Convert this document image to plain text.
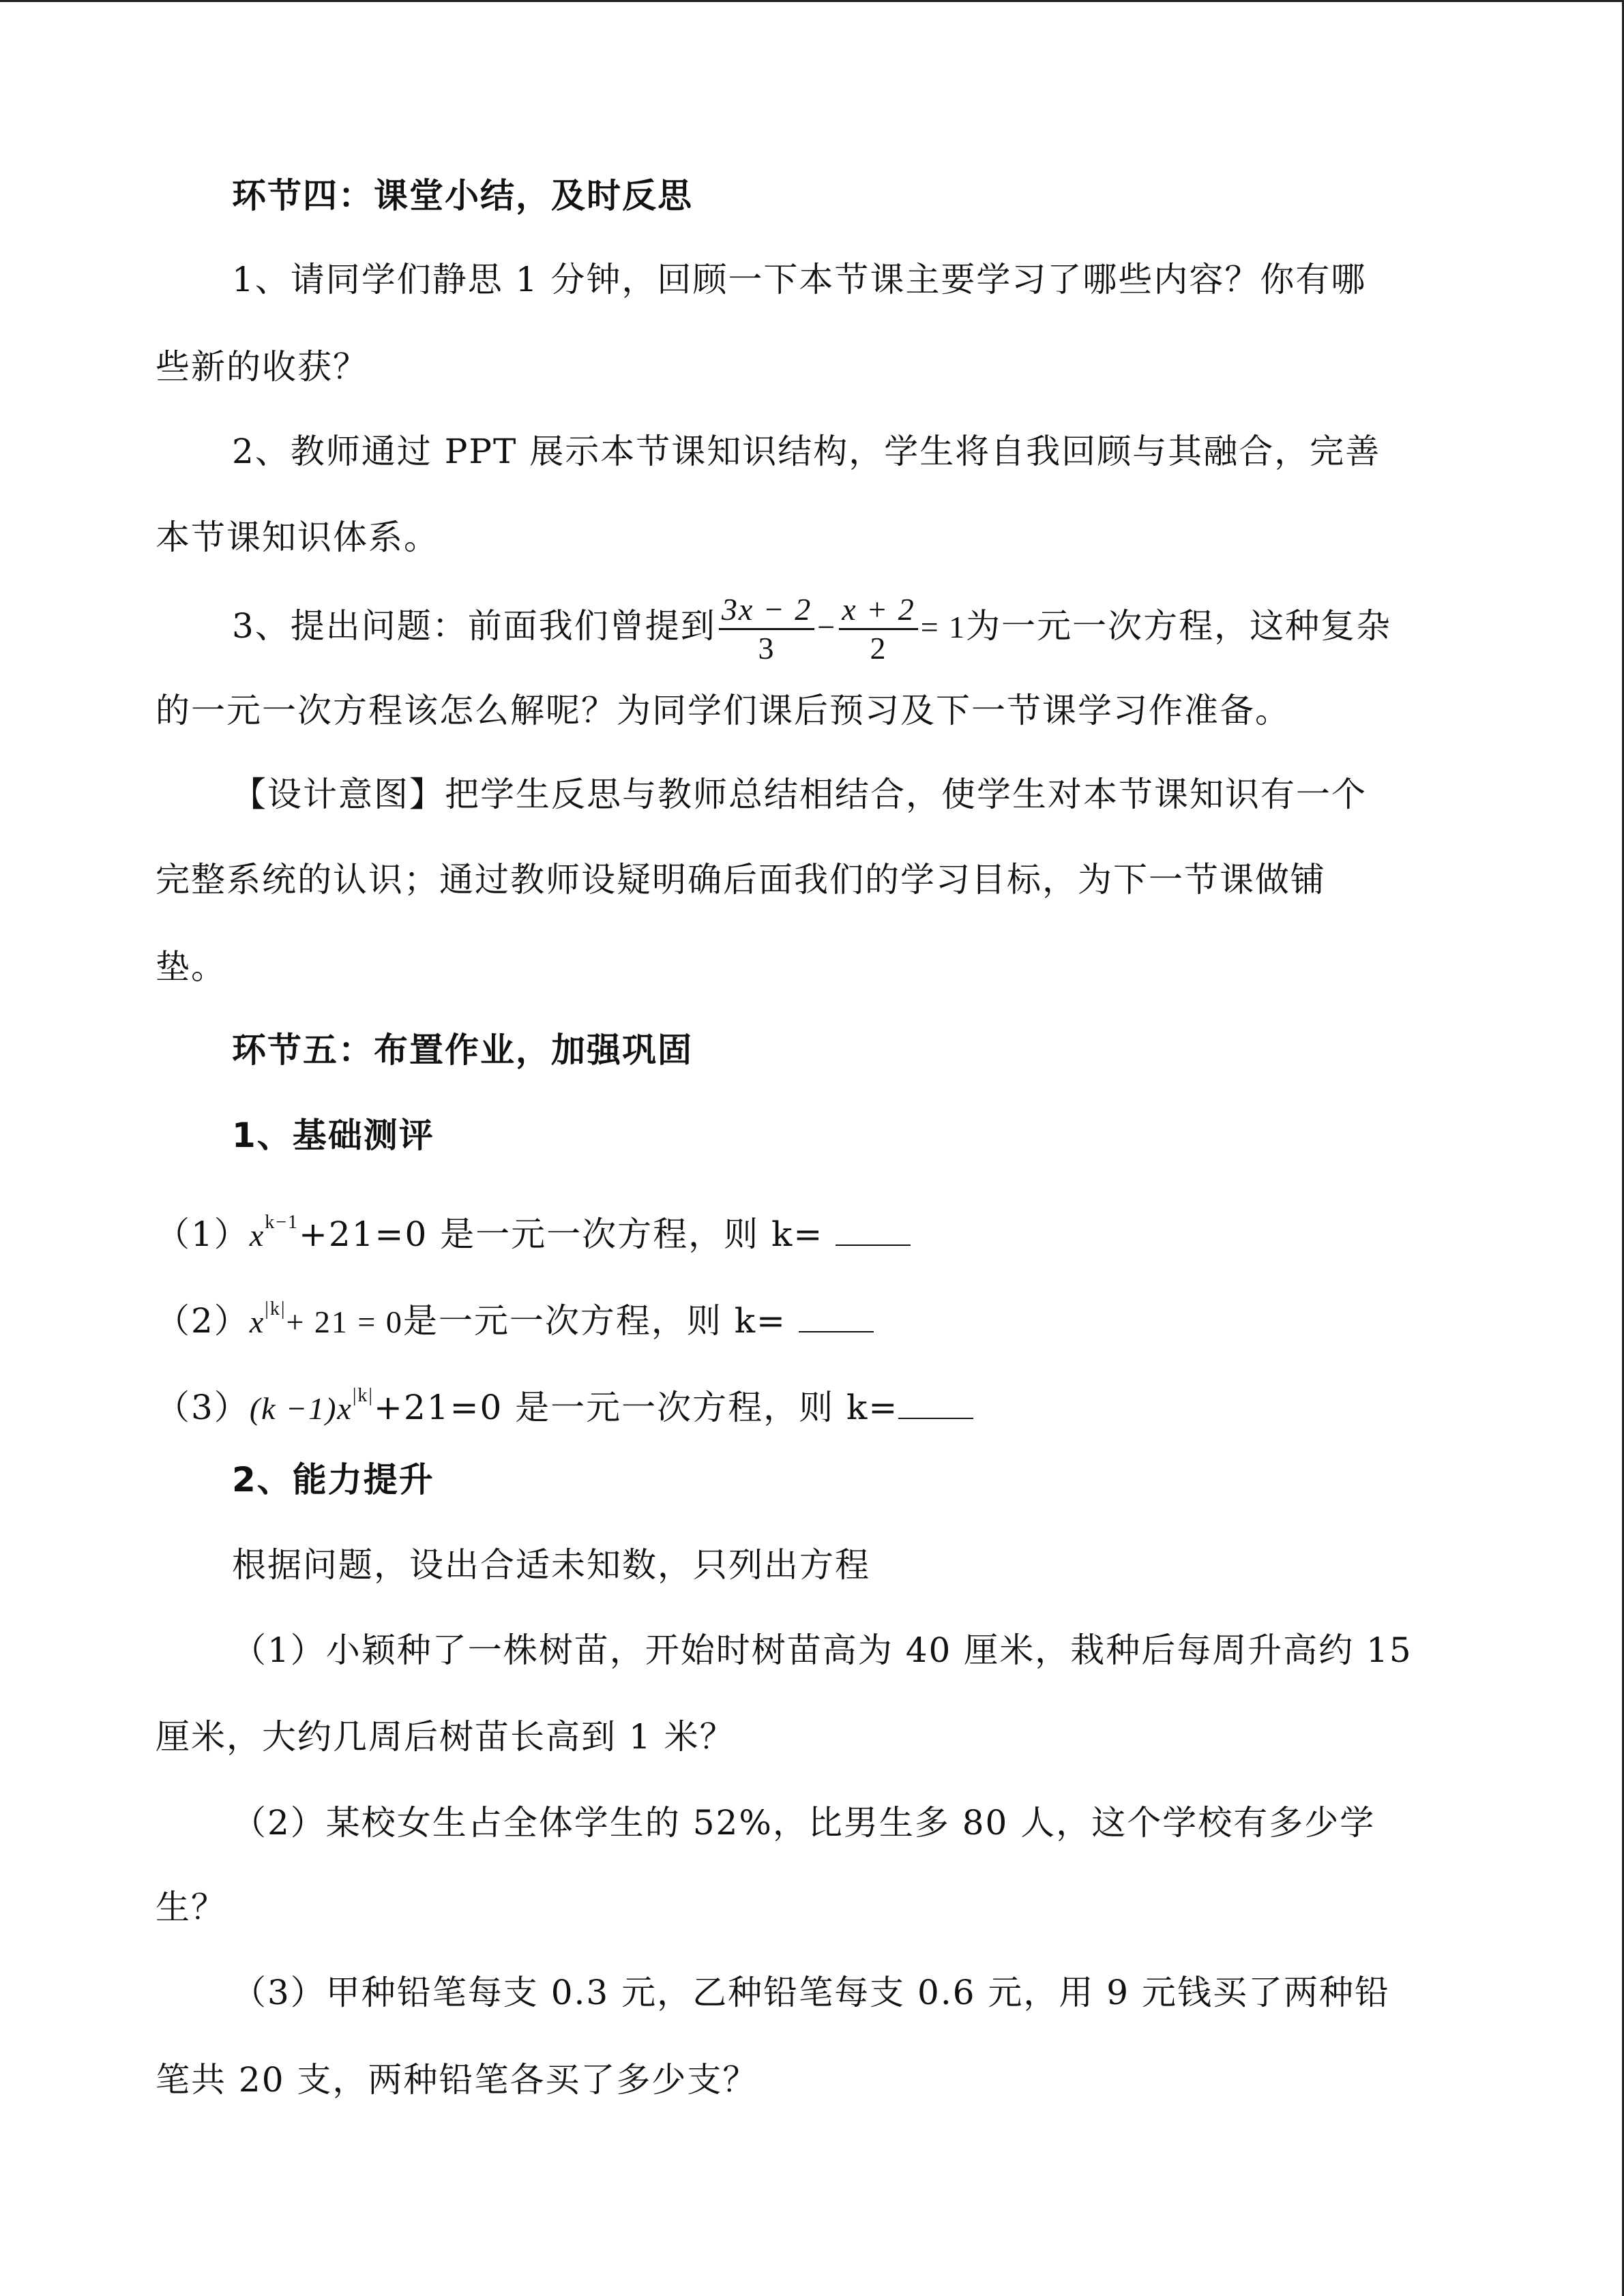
环节四：课堂小结，及时反思
1、请同学们静思 1 分钟，回顾一下本节课主要学习了哪些内容？你有哪
些新的收获？
2、教师通过 PPT 展示本节课知识结构，学生将自我回顾与其融合，完善
本节课知识体系。
3、提出问题：前面我们曾提到 $\frac{3x - 2}{3} - \frac{x + 2}{2} = 1$为一元一次方程，这种复杂
的一元一次方程该怎么解呢？为同学们课后预习及下一节课学习作准备。
【设计意图】把学生反思与教师总结相结合，使学生对本节课知识有一个
完整系统的认识；通过教师设疑明确后面我们的学习目标，为下一节课做铺
垫。
环节五：布置作业，加强巩固
1、基础测评
$(1)x^{k-1}+21=0$ 是一元一次方程，则 k=
$(2)x^{|k|}+ 21 = 0$是一元一次方程，则 k=
$(3)(k -1)x^{|k|}+21=0$ 是一元一次方程，则 k=
2、能力提升
根据问题，设出合适未知数，只列出方程
（1）小颖种了一株树苗，开始时树苗高为 40 厘米，栽种后每周升高约 15
厘米，大约几周后树苗长高到 1 米？
（2）某校女生占全体学生的 52%，比男生多 80 人，这个学校有多少学
生？
（3）甲种铅笔每支 0.3 元，乙种铅笔每支 0.6 元，用 9 元钱买了两种铅
笔共 20 支，两种铅笔各买了多少支？
